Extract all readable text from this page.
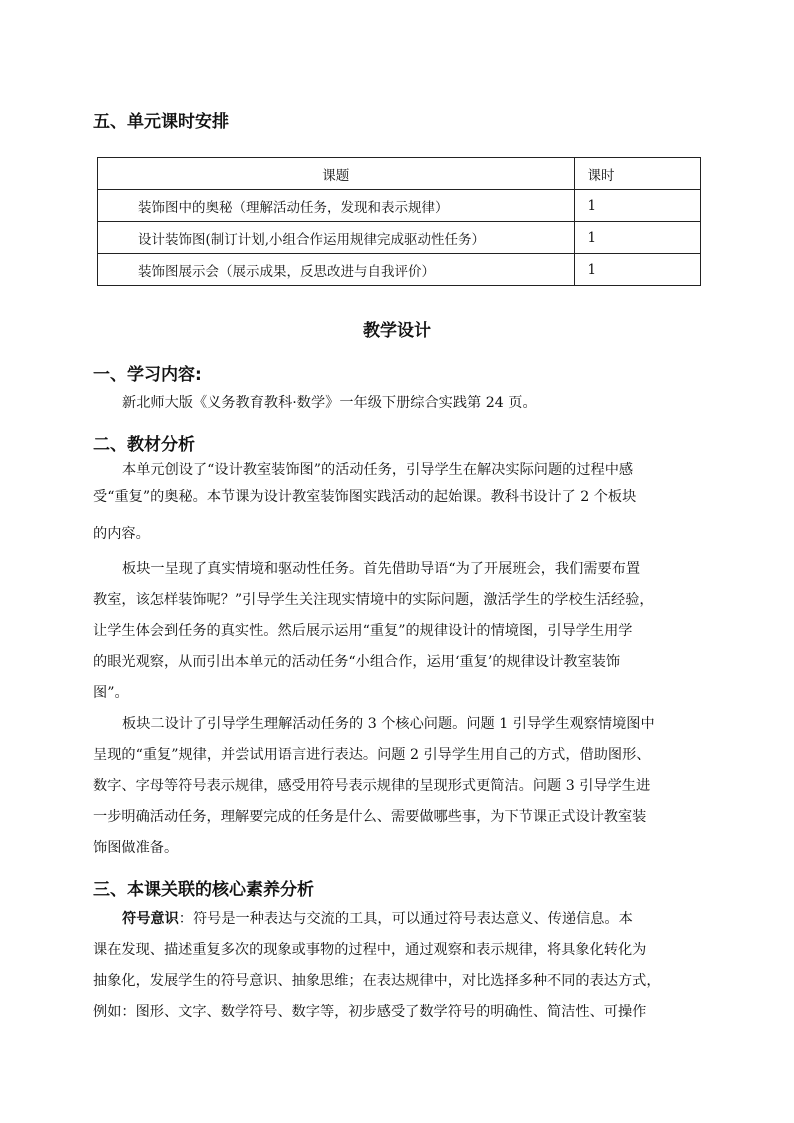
五、单元课时安排
课题	课时
装饰图中的奥秘（理解活动任务，发现和表示规律）	1
设计装饰图(制订计划,小组合作运用规律完成驱动性任务）	1
装饰图展示会（展示成果，反思改进与自我评价）	1
教学设计
一、学习内容:
新北师大版《义务教育教科·数学》一年级下册综合实践第 24 页。
二、教材分析
本单元创设了“设计教室装饰图”的活动任务，引导学生在解决实际问题的过程中感
受“重复”的奥秘。本节课为设计教室装饰图实践活动的起始课。教科书设计了 2 个板块
的内容。
板块一呈现了真实情境和驱动性任务。首先借助导语“为了开展班会，我们需要布置
教室，该怎样装饰呢？”引导学生关注现实情境中的实际问题，激活学生的学校生活经验，
让学生体会到任务的真实性。然后展示运用“重复”的规律设计的情境图，引导学生用学
的眼光观察，从而引出本单元的活动任务“小组合作，运用‘重复’的规律设计教室装饰
图”。
板块二设计了引导学生理解活动任务的 3 个核心问题。问题 1 引导学生观察情境图中
呈现的“重复”规律，并尝试用语言进行表达。问题 2 引导学生用自己的方式，借助图形、
数字、字母等符号表示规律，感受用符号表示规律的呈现形式更简洁。问题 3 引导学生进
一步明确活动任务，理解要完成的任务是什么、需要做哪些事，为下节课正式设计教室装
饰图做准备。
三、本课关联的核心素养分析
符号意识：符号是一种表达与交流的工具，可以通过符号表达意义、传递信息。本
课在发现、描述重复多次的现象或事物的过程中，通过观察和表示规律，将具象化转化为
抽象化，发展学生的符号意识、抽象思维；在表达规律中，对比选择多种不同的表达方式，
例如：图形、文字、数学符号、数字等，初步感受了数学符号的明确性、简洁性、可操作
